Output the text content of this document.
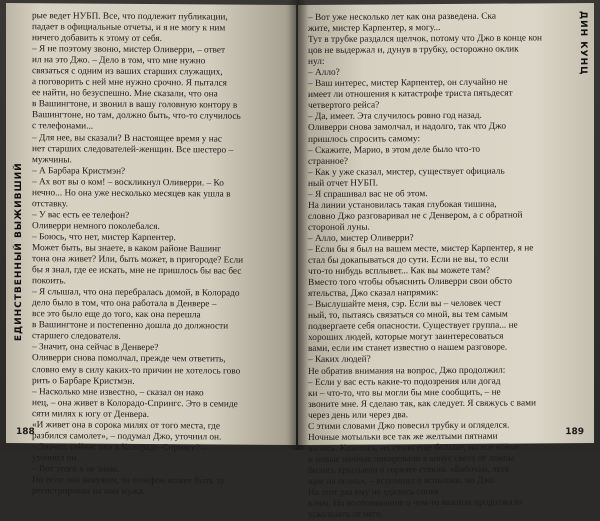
ЕДИНСТВЕННЫЙ ВЫЖИВШИЙ

рые ведет НУБП. Все, что подлежит публикации,

падает в официальные отчеты, и я не могу к ним

ничего добавить к этому от себя.

– Я не поэтому звоню, мистер Оливерри, – ответ

ил на это Джо. – Дело в том, что мне нужно

связаться с одним из ваших старших служащих,

а поговорить с ней мне нужно срочно. Я пытался

ее найти, но безуспешно. Мне сказали, что она

в Вашингтоне, и звонил в вашу головную контору в

Вашингтоне, но там, должно быть, что-то случилось

с телефонами...

– Для нее, вы сказали? В настоящее время у нас

нет старших следователей-женщин. Все шестеро –

мужчины.

– А Барбара Кристмэн?

– Ах вот вы о ком! – воскликнул Оливерри. – Ко

нечно... Но она уже несколько месяцев как ушла в

отставку.

– У вас есть ее телефон?

Оливерри немного поколебался.

– Боюсь, что нет, мистер Карпентер.

Может быть, вы знаете, в каком районе Вашинг

тона она живет? Или, быть может, в пригороде? Если

бы я знал, где ее искать, мне не пришлось бы вас бес

покоить.

– Я слышал, что она перебралась домой, в Колорадо

дело было в том, что она работала в Денвере –

все это было еще до того, как она перешла

в Вашингтоне и постепенно дошла до должности

старшего следователя.

– Значит, она сейчас в Денвере?

Оливерри снова помолчал, прежде чем ответить,

словно ему в силу каких-то причин не хотелось гово

рить о Барбаре Кристмэн.

– Насколько мне известно, – сказал он нако

нец, – она живет в Колорадо-Спрингс. Это в семиде

сяти милях к югу от Денвера.

«И живет она в сорока милях от того места, где

разбился самолет», – подумал Джо, уточнил он.

– Значит, сейчас она в Колорадо-Спрингс? –

уточнил он.

– Вот этого я не знаю.

Но если она замужем, то телефон может быть за

регистрирован на имя мужа.

188
ДИН КУНЦ

– Вот уже несколько лет как она разведена. Ска

жите, мистер Карпентер, я могу...

Тут в трубке раздался щелчок, потому что Джо в конце кон

цов не выдержал и, дунув в трубку, осторожно оклик

нул:

– Алло?

– Ваш интерес, мистер Карпентер, он случайно не

имеет ли отношения к катастрофе триста пятьдесят

четвертого рейса?

– Да, имеет. Эта случилось ровно год назад.

Оливерри снова замолчал, и надолго, так что Джо

пришлось спросить самому:

– Скажите, Марио, в этом деле было что-то

странное?

– Как у уже сказал, мистер, существует официаль

ный отчет НУБП.

– Я спрашивал вас не об этом.

На линии установилась такая глубокая тишина,

словно Джо разговаривал не с Денвером, а с обратной

стороной луны.

– Алло, мистер Оливерри?

– Если бы я был на вашем месте, мистер Карпентер, я не

стал бы докапываться до сути. Если не вы, то если

что-то нибудь всплывет... Как вы можете там?

Вместо того чтобы объяснить Оливерри свои обсто

ятельства, Джо сказал напрямик:

– Выслушайте меня, сэр. Если вы – человек чест

ный, то, пытаясь связаться со мной, вы тем самым

подвергаете себя опасности. Существует группа... не

хороших людей, которые могут заинтересоваться

вами, если им станет известно о нашем разговоре.

– Каких людей?

Не обратив внимания на вопрос, Джо продолжил:

– Если у вас есть какие-то подозрения или догад

ки – что-то, что вы могли бы мне сообщить, – не

звоните мне. Я сделаю так, как следует. Я свяжусь с вами

через день или через два.

С этими словами Джо повесил трубку и огляделся.

Ночные мотыльки все так же желтыми пятнами

вились. Казалось, их стало еще больше, но все новые

и новые ночные пикировали в конус света от лампы

бились крыльями о горячее стекло. «Бабочки, летя

щие на огонь», – вспомнил о вспышки, но Джо

На этот раз ему не удалось снова

ключ. Но воспоминание о чем-то важном продолжало

ускользать от него.

189
